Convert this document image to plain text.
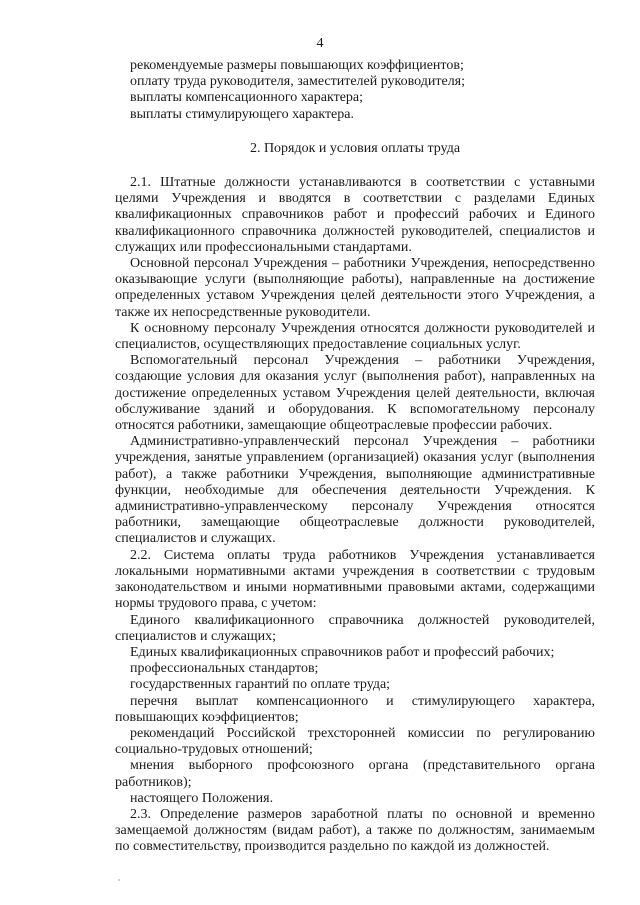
4

рекомендуемые размеры повышающих коэффициентов;

оплату труда руководителя, заместителей руководителя;

выплаты компенсационного характера;

выплаты стимулирующего характера.

2. Порядок и условия оплаты труда

2.1. Штатные должности устанавливаются в соответствии с уставными целями Учреждения и вводятся в соответствии с разделами Единых квалификационных справочников работ и профессий рабочих и Единого квалификационного справочника должностей руководителей, специалистов и служащих или профессиональными стандартами.

Основной персонал Учреждения – работники Учреждения, непосредственно оказывающие услуги (выполняющие работы), направленные на достижение определенных уставом Учреждения целей деятельности этого Учреждения, а также их непосредственные руководители.

К основному персоналу Учреждения относятся должности руководителей и специалистов, осуществляющих предоставление социальных услуг.

Вспомогательный персонал Учреждения – работники Учреждения, создающие условия для оказания услуг (выполнения работ), направленных на достижение определенных уставом Учреждения целей деятельности, включая обслуживание зданий и оборудования. К вспомогательному персоналу относятся работники, замещающие общеотраслевые профессии рабочих.

Административно-управленческий персонал Учреждения – работники учреждения, занятые управлением (организацией) оказания услуг (выполнения работ), а также работники Учреждения, выполняющие административные функции, необходимые для обеспечения деятельности Учреждения. К административно-управленческому персоналу Учреждения относятся работники, замещающие общеотраслевые должности руководителей, специалистов и служащих.

2.2. Система оплаты труда работников Учреждения устанавливается локальными нормативными актами учреждения в соответствии с трудовым законодательством и иными нормативными правовыми актами, содержащими нормы трудового права, с учетом:

Единого квалификационного справочника должностей руководителей, специалистов и служащих;

Единых квалификационных справочников работ и профессий рабочих;

профессиональных стандартов;

государственных гарантий по оплате труда;

перечня выплат компенсационного и стимулирующего характера, повышающих коэффициентов;

рекомендаций Российской трехсторонней комиссии по регулированию социально-трудовых отношений;

мнения выборного профсоюзного органа (представительного органа работников);

настоящего Положения.

2.3. Определение размеров заработной платы по основной и временно замещаемой должностям (видам работ), а также по должностям, занимаемым по совместительству, производится раздельно по каждой из должностей.
